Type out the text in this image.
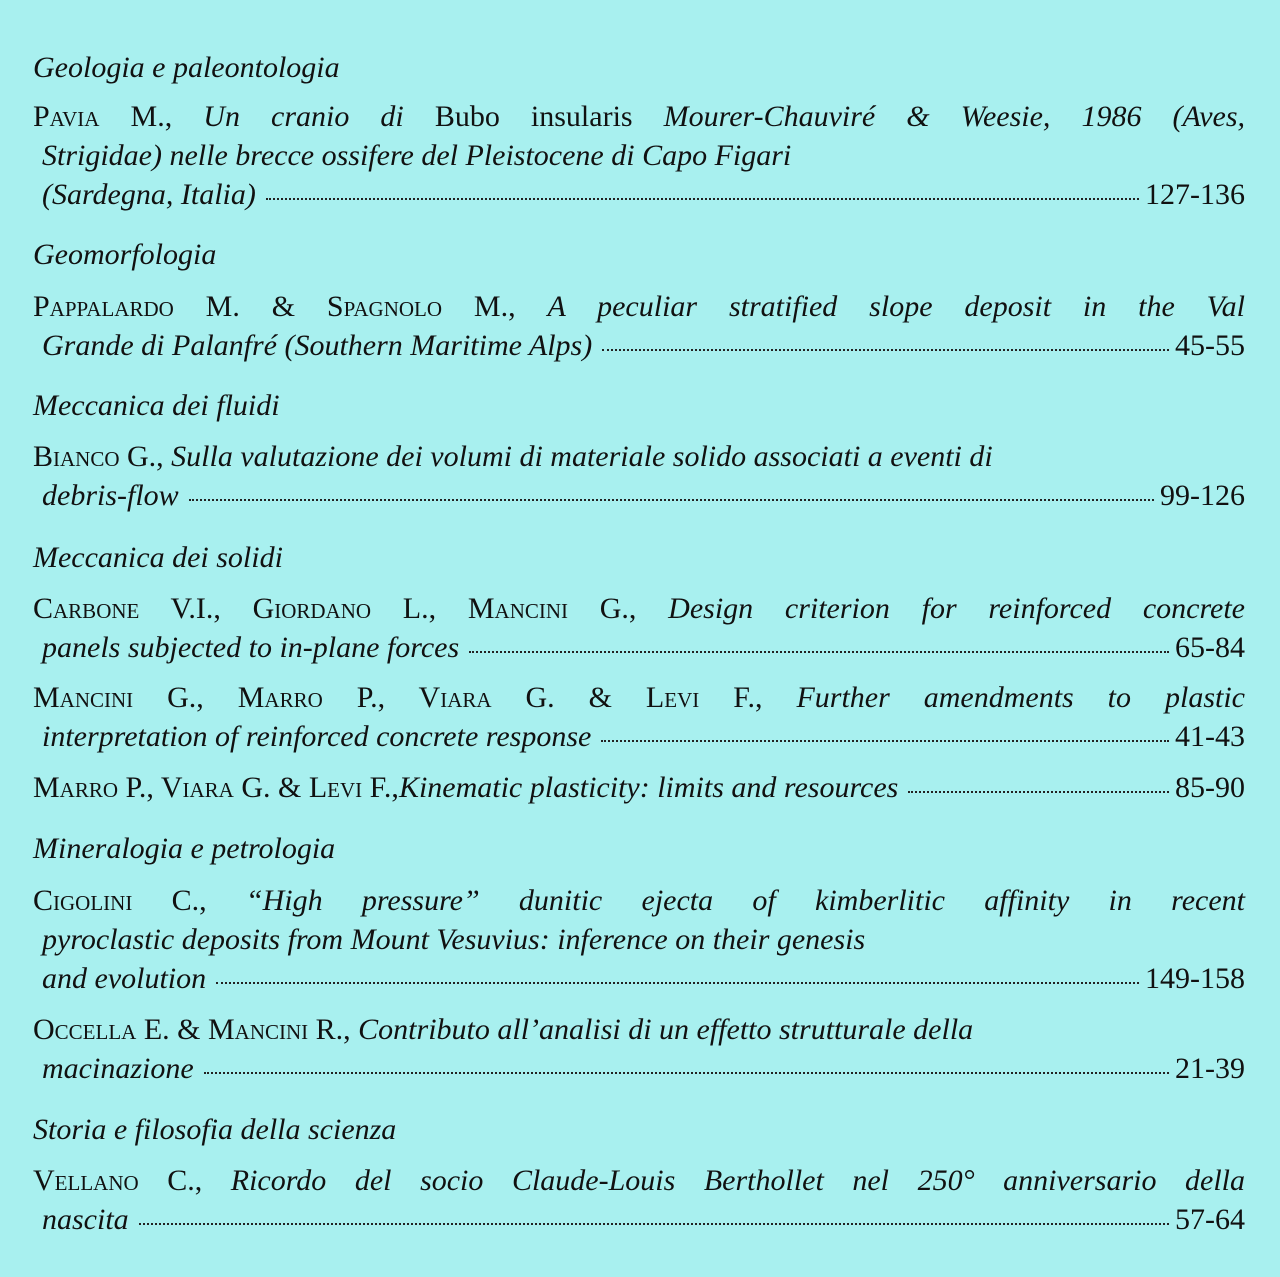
Geologia e paleontologia
Pavia M., Un cranio di Bubo insularis Mourer-Chauviré & Weesie, 1986 (Aves,
Strigidae) nelle brecce ossifere del Pleistocene di Capo Figari
(Sardegna, Italia)	127-136
Geomorfologia
Pappalardo M. & Spagnolo M., A peculiar stratified slope deposit in the Val
Grande di Palanfré (Southern Maritime Alps)	45-55
Meccanica dei fluidi
Bianco G., Sulla valutazione dei volumi di materiale solido associati a eventi di
debris-flow	99-126
Meccanica dei solidi
Carbone V.I., Giordano L., Mancini G., Design criterion for reinforced concrete
panels subjected to in-plane forces	65-84
Mancini G., Marro P., Viara G. & Levi F., Further amendments to plastic
interpretation of reinforced concrete response	41-43
Marro P., Viara G. & Levi F., Kinematic plasticity: limits and resources	85-90
Mineralogia e petrologia
Cigolini C., “High pressure” dunitic ejecta of kimberlitic affinity in recent
pyroclastic deposits from Mount Vesuvius: inference on their genesis
and evolution	149-158
Occella E. & Mancini R., Contributo all’analisi di un effetto strutturale della
macinazione	21-39
Storia e filosofia della scienza
Vellano C., Ricordo del socio Claude-Louis Berthollet nel 250° anniversario della
nascita	57-64
